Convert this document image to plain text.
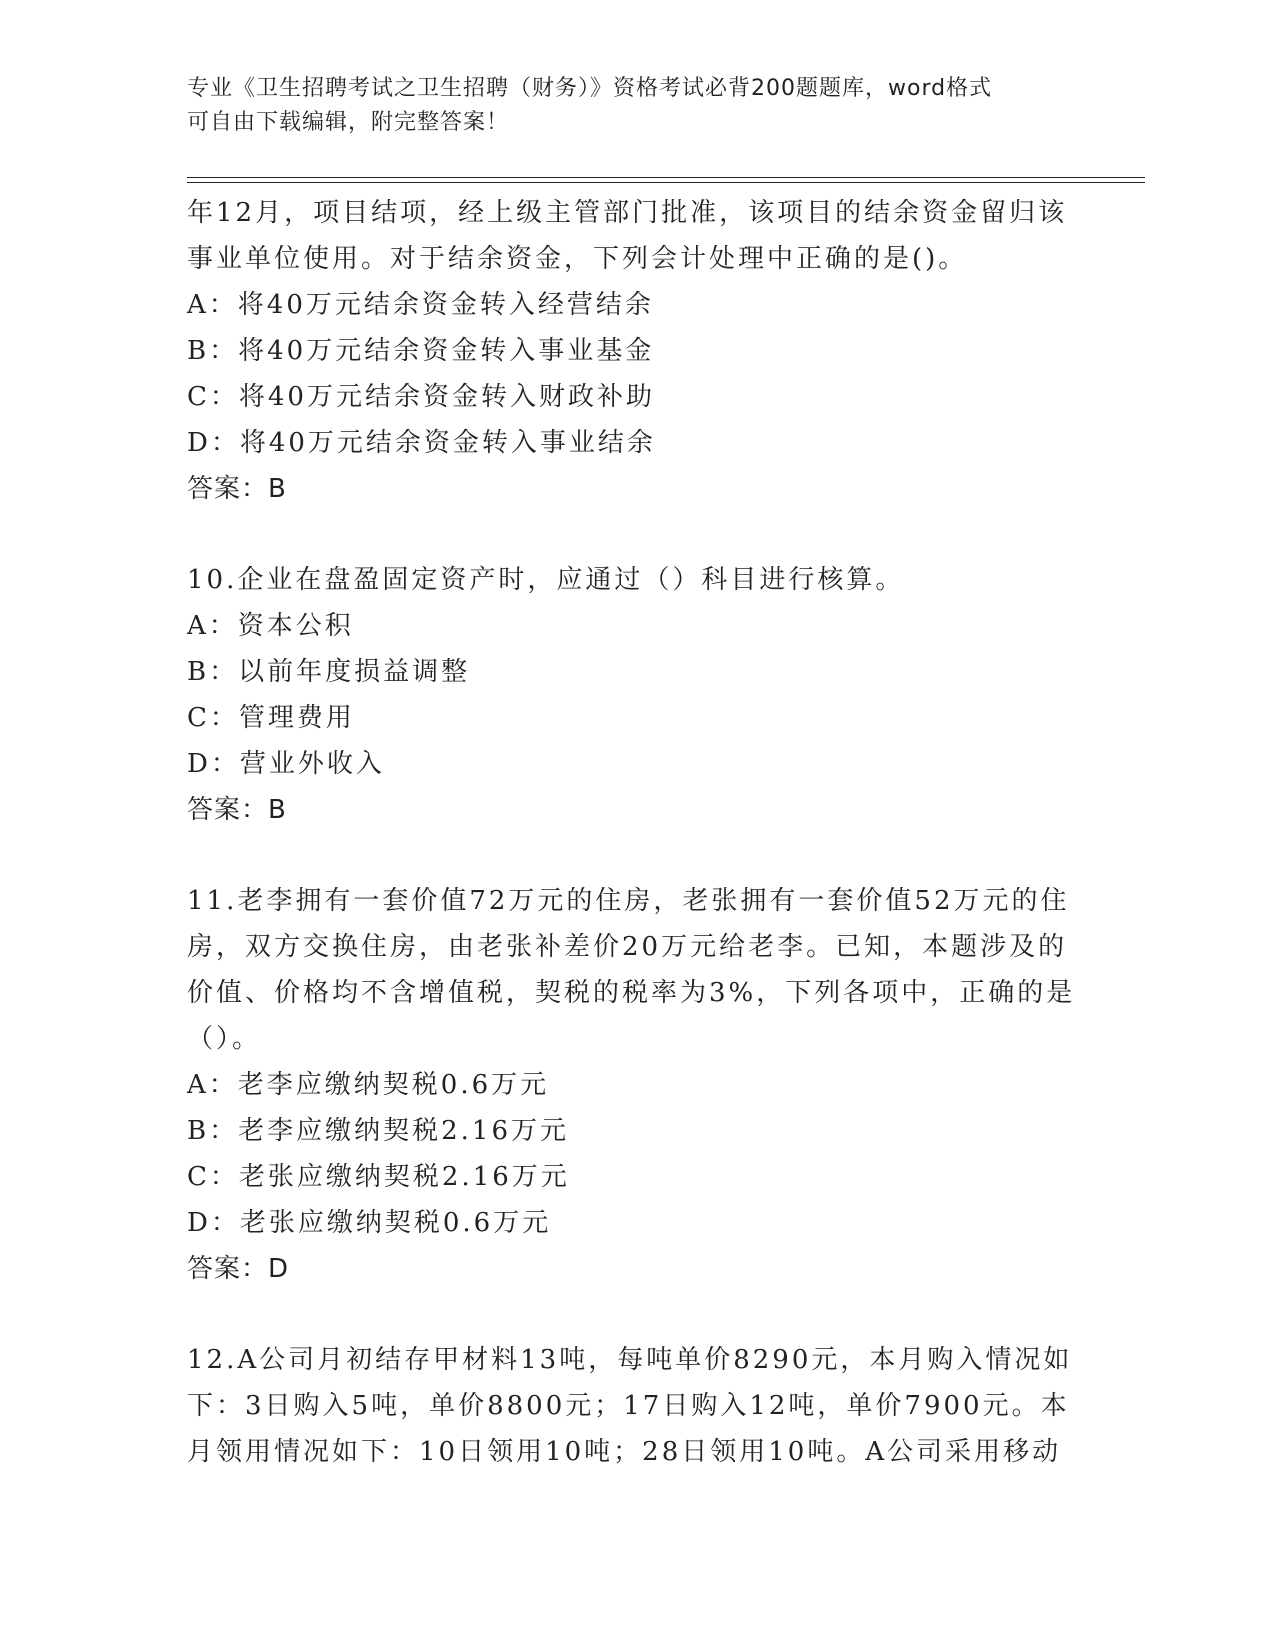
专业《卫生招聘考试之卫生招聘（财务）》资格考试必背200题题库，word格式
可自由下载编辑，附完整答案！
年12月，项目结项，经上级主管部门批准，该项目的结余资金留归该
事业单位使用。对于结余资金，下列会计处理中正确的是()。
A：将40万元结余资金转入经营结余
B：将40万元结余资金转入事业基金
C：将40万元结余资金转入财政补助
D：将40万元结余资金转入事业结余
答案：B
10.企业在盘盈固定资产时，应通过（）科目进行核算。
A：资本公积
B：以前年度损益调整
C：管理费用
D：营业外收入
答案：B
11.老李拥有一套价值72万元的住房，老张拥有一套价值52万元的住
房，双方交换住房，由老张补差价20万元给老李。已知，本题涉及的
价值、价格均不含增值税，契税的税率为3%，下列各项中，正确的是
（）。
A：老李应缴纳契税0.6万元
B：老李应缴纳契税2.16万元
C：老张应缴纳契税2.16万元
D：老张应缴纳契税0.6万元
答案：D
12.A公司月初结存甲材料13吨，每吨单价8290元，本月购入情况如
下：3日购入5吨，单价8800元；17日购入12吨，单价7900元。本
月领用情况如下：10日领用10吨；28日领用10吨。A公司采用移动
